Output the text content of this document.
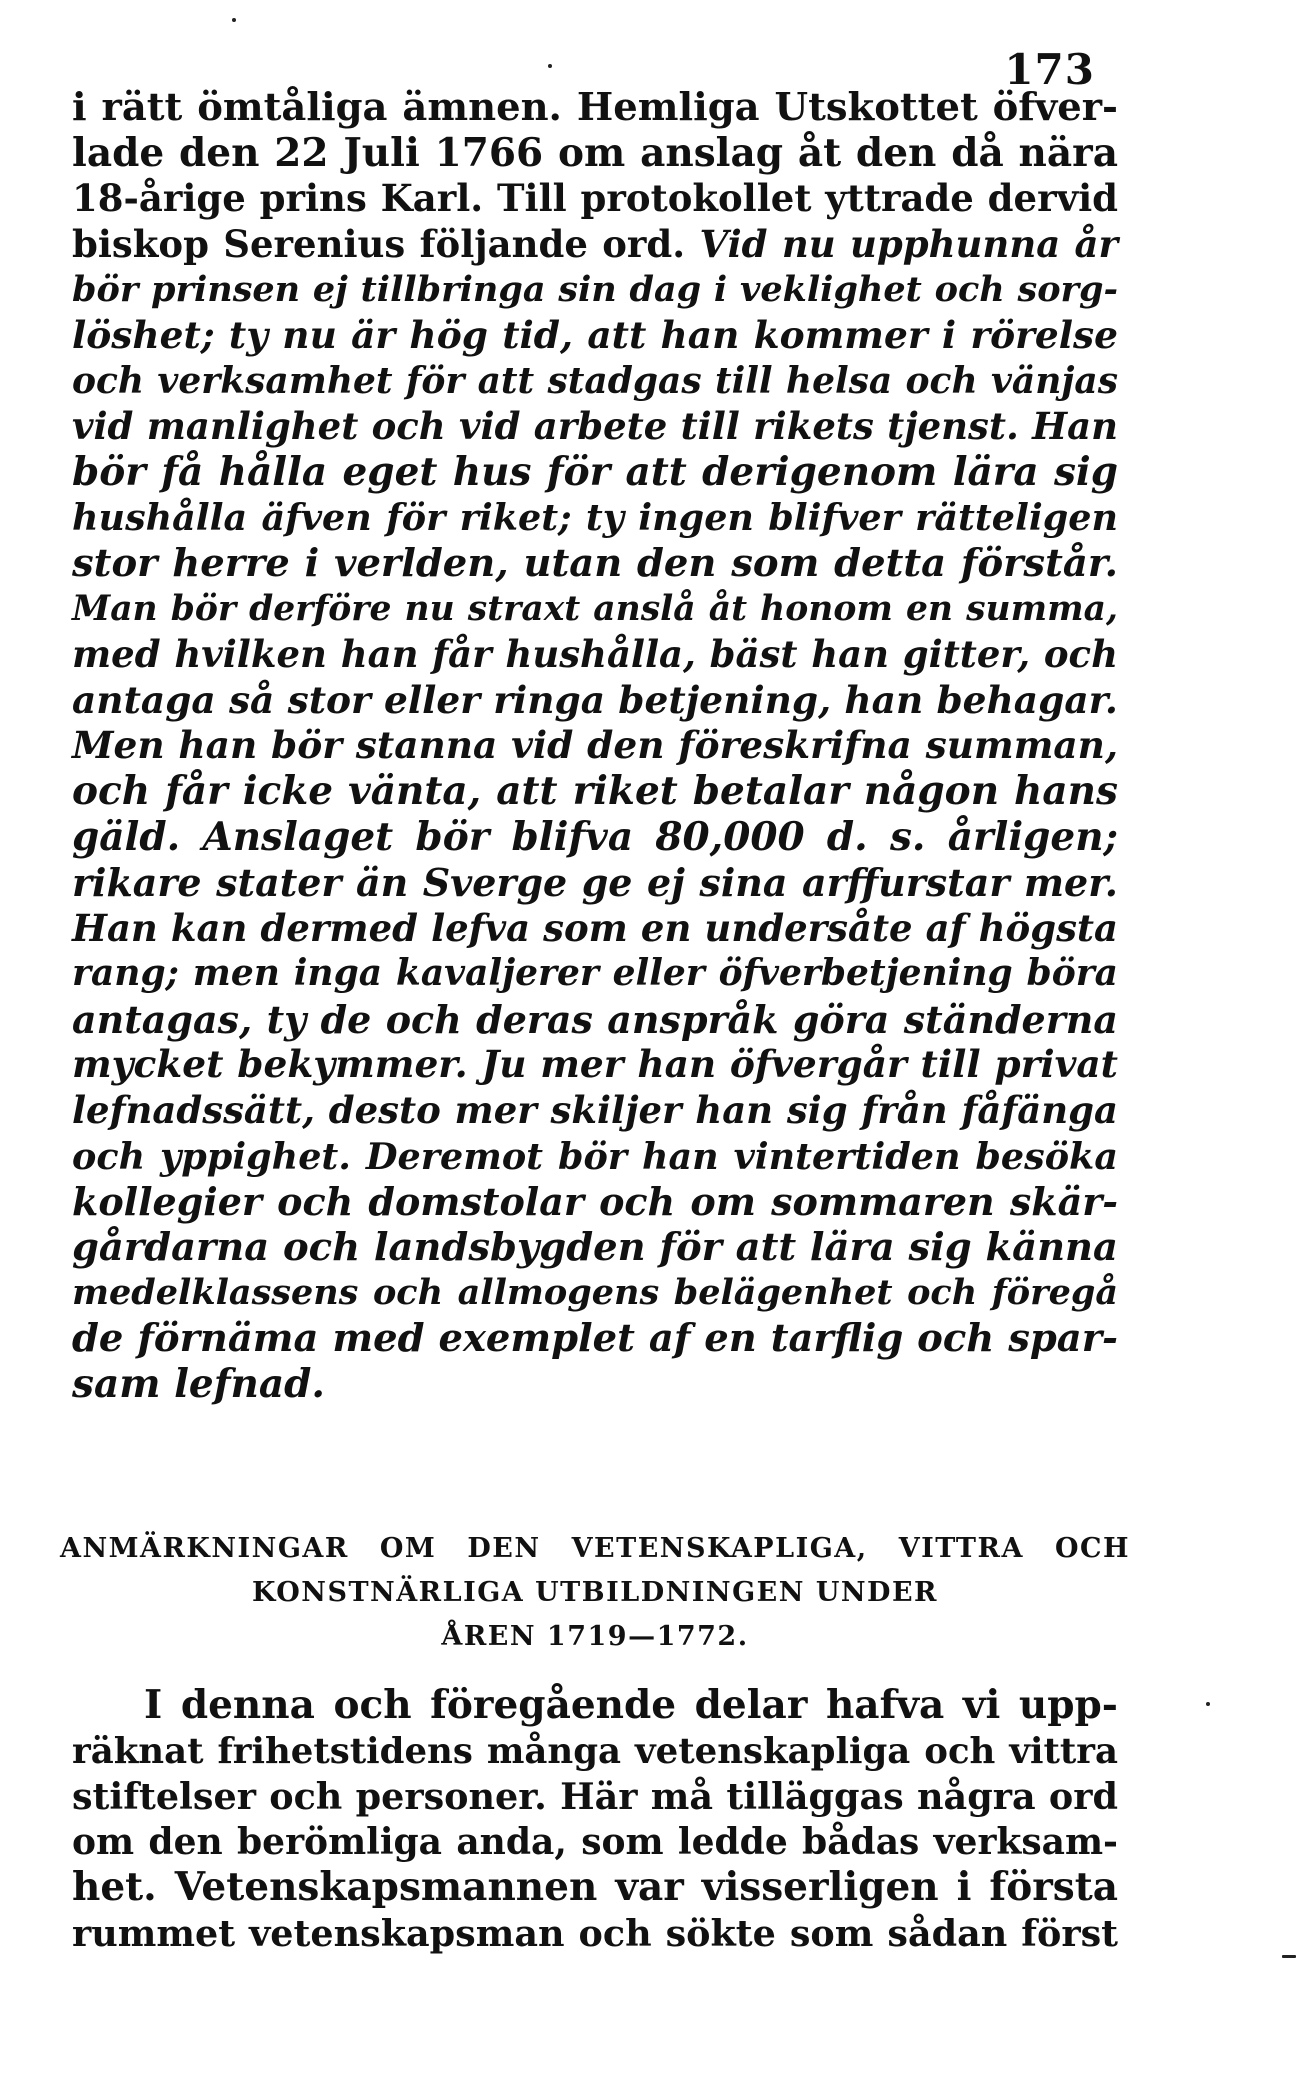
173
i rätt ömtåliga ämnen. Hemliga Utskottet öfver-
lade den 22 Juli 1766 om anslag åt den då nära
18-årige prins Karl. Till protokollet yttrade dervid
biskop Serenius följande ord. Vid nu upphunna år
bör prinsen ej tillbringa sin dag i veklighet och sorg-
löshet; ty nu är hög tid, att han kommer i rörelse
och verksamhet för att stadgas till helsa och vänjas
vid manlighet och vid arbete till rikets tjenst. Han
bör få hålla eget hus för att derigenom lära sig
hushålla äfven för riket; ty ingen blifver rätteligen
stor herre i verlden, utan den som detta förstår.
Man bör derföre nu straxt anslå åt honom en summa,
med hvilken han får hushålla, bäst han gitter, och
antaga så stor eller ringa betjening, han behagar.
Men han bör stanna vid den föreskrifna summan,
och får icke vänta, att riket betalar någon hans
gäld. Anslaget bör blifva 80,000 d. s. årligen;
rikare stater än Sverge ge ej sina arffurstar mer.
Han kan dermed lefva som en undersåte af högsta
rang; men inga kavaljerer eller öfverbetjening böra
antagas, ty de och deras anspråk göra ständerna
mycket bekymmer. Ju mer han öfvergår till privat
lefnadssätt, desto mer skiljer han sig från fåfänga
och yppighet. Deremot bör han vintertiden besöka
kollegier och domstolar och om sommaren skär-
gårdarna och landsbygden för att lära sig känna
medelklassens och allmogens belägenhet och föregå
de förnäma med exemplet af en tarflig och spar-
sam lefnad.
ANMÄRKNINGAR OM DEN VETENSKAPLIGA, VITTRA OCH
KONSTNÄRLIGA UTBILDNINGEN UNDER
ÅREN 1719—1772.
I denna och föregående delar hafva vi upp-
räknat frihetstidens många vetenskapliga och vittra
stiftelser och personer. Här må tilläggas några ord
om den berömliga anda, som ledde bådas verksam-
het. Vetenskapsmannen var visserligen i första
rummet vetenskapsman och sökte som sådan först
